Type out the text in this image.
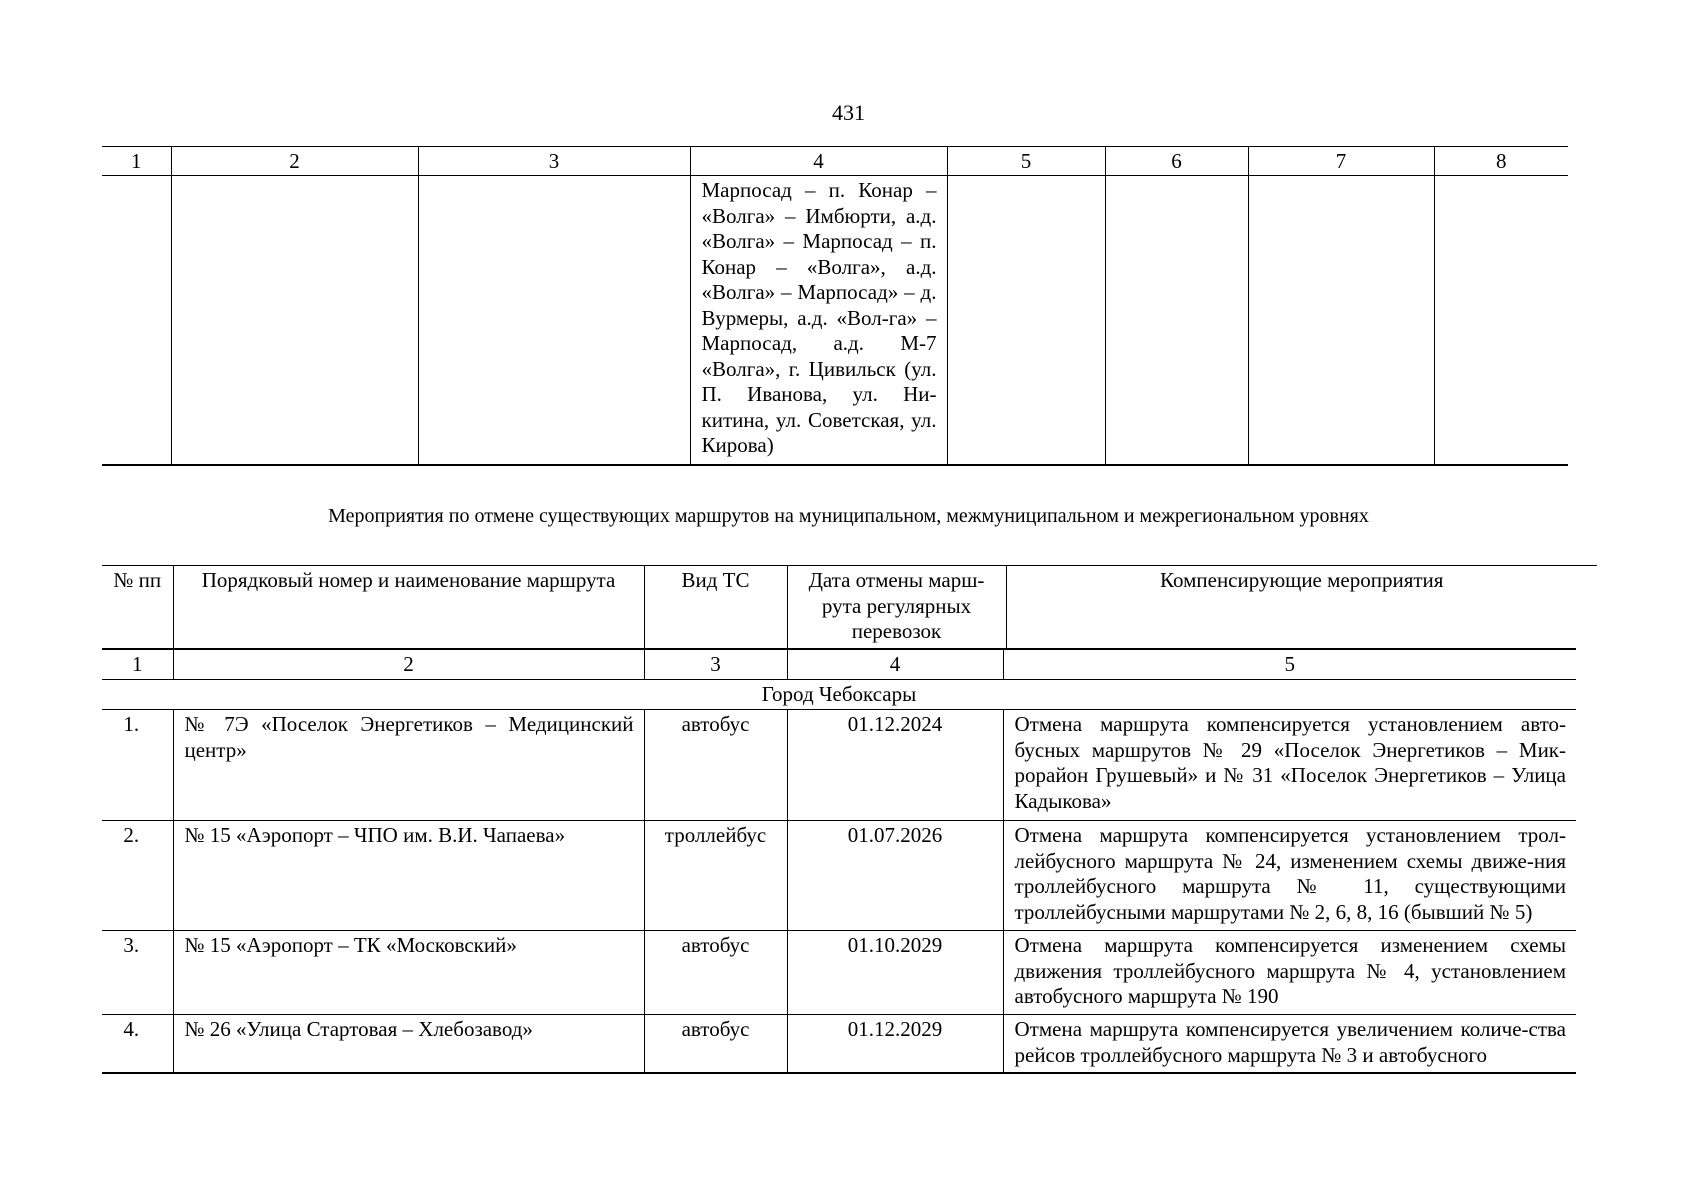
431
1	2	3	4	5	6	7	8
			Марпосад – п. Конар – «Волга» – Имбюрти, а.д. «Волга» – Марпосад – п. Конар – «Волга», а.д. «Волга» – Марпосад» – д. Вурмеры, а.д. «Вол-га» – Марпосад, а.д. М-7 «Волга», г. Цивильск (ул. П. Иванова, ул. Ни-китина, ул. Советская, ул. Кирова)				
Мероприятия по отмене существующих маршрутов на муниципальном, межмуниципальном и межрегиональном уровнях
№ пп	Порядковый номер и наименование маршрута	Вид ТС	Дата отмены марш-рута регулярных перевозок	Компенсирующие мероприятия
1	2	3	4	5
Город Чебоксары				
1.	№ 7Э «Поселок Энергетиков – Медицинский центр»	автобус	01.12.2024	Отмена маршрута компенсируется установлением авто-бусных маршрутов № 29 «Поселок Энергетиков – Мик-рорайон Грушевый» и № 31 «Поселок Энергетиков – Улица Кадыкова»
2.	№ 15 «Аэропорт – ЧПО им. В.И. Чапаева»	троллейбус	01.07.2026	Отмена маршрута компенсируется установлением трол-лейбусного маршрута № 24, изменением схемы движе-ния троллейбусного маршрута № 11, существующими троллейбусными маршрутами № 2, 6, 8, 16 (бывший № 5)
3.	№ 15 «Аэропорт – ТК «Московский»	автобус	01.10.2029	Отмена маршрута компенсируется изменением схемы движения троллейбусного маршрута № 4, установлением автобусного маршрута № 190
4.	№ 26 «Улица Стартовая – Хлебозавод»	автобус	01.12.2029	Отмена маршрута компенсируется увеличением количе-ства рейсов троллейбусного маршрута № 3 и автобусного
